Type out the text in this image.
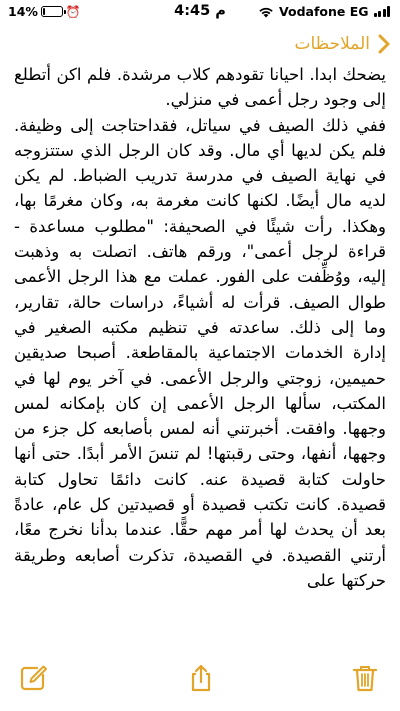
14% ⏰	4:45 م	Vodafone EG
الملاحظات

يضحك ابدا. احيانا تقودهم كلاب مرشدة. فلم اكن أتطلع إلى وجود رجل أعمى في منزلي.

ففي ذلك الصيف في سياتل، فقداحتاجت إلى وظيفة. فلم يكن لديها أي مال. وقد كان الرجل الذي ستتزوجه في نهاية الصيف في مدرسة تدريب الضباط. لم يكن لديه مال أيضًا. لكنها كانت مغرمة به، وكان مغرمًا بها، وهكذا. رأت شيئًا في الصحيفة: "مطلوب مساعدة - قراءة لرجل أعمى"، ورقم هاتف. اتصلت به وذهبت إليه، ووُظِّفت على الفور. عملت مع هذا الرجل الأعمى طوال الصيف. قرأت له أشياءً، دراسات حالة، تقارير، وما إلى ذلك. ساعدته في تنظيم مكتبه الصغير في إدارة الخدمات الاجتماعية بالمقاطعة. أصبحا صديقين حميمين، زوجتي والرجل الأعمى. في آخر يوم لها في المكتب، سألها الرجل الأعمى إن كان بإمكانه لمس وجهها. وافقت. أخبرتني أنه لمس بأصابعه كل جزء من وجهها، أنفها، وحتى رقبتها! لم تنسَ الأمر أبدًا. حتى أنها حاولت كتابة قصيدة عنه. كانت دائمًا تحاول كتابة قصيدة. كانت تكتب قصيدة أو قصيدتين كل عام، عادةً بعد أن يحدث لها أمر مهم حقًّا. عندما بدأنا نخرج معًا، أرتني القصيدة. في القصيدة، تذكرت أصابعه وطريقة حركتها على
